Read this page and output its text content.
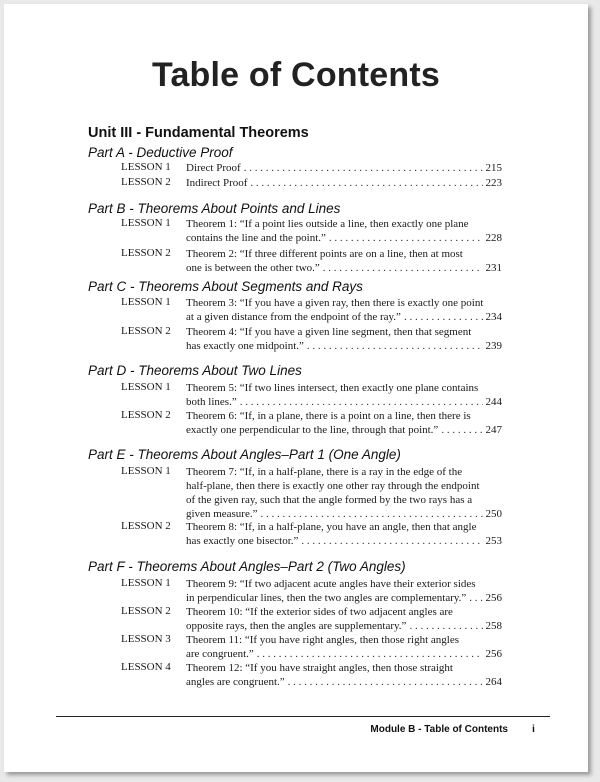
Table of Contents
Unit III - Fundamental Theorems
Part A - Deductive Proof
LESSON 1	Direct Proof . . .	215
LESSON 2	Indirect Proof . . .	223
Part B - Theorems About Points and Lines
LESSON 1	Theorem 1: “If a point lies outside a line, then exactly one plane
contains the line and the point.” . . .	228
LESSON 2	Theorem 2: “If three different points are on a line, then at most
one is between the other two.” . . .	231
Part C - Theorems About Segments and Rays
LESSON 1	Theorem 3: “If you have a given ray, then there is exactly one point
at a given distance from the endpoint of the ray.” . . .	234
LESSON 2	Theorem 4: “If you have a given line segment, then that segment
has exactly one midpoint.” . . .	239
Part D - Theorems About Two Lines
LESSON 1	Theorem 5: “If two lines intersect, then exactly one plane contains
both lines.” . . .	244
LESSON 2	Theorem 6: “If, in a plane, there is a point on a line, then there is
exactly one perpendicular to the line, through that point.” . . .	247
Part E - Theorems About Angles–Part 1 (One Angle)
LESSON 1	Theorem 7: “If, in a half-plane, there is a ray in the edge of the
half-plane, then there is exactly one other ray through the endpoint
of the given ray, such that the angle formed by the two rays has a
given measure.” . . .	250
LESSON 2	Theorem 8: “If, in a half-plane, you have an angle, then that angle
has exactly one bisector.” . . .	253
Part F - Theorems About Angles–Part 2 (Two Angles)
LESSON 1	Theorem 9: “If two adjacent acute angles have their exterior sides
in perpendicular lines, then the two angles are complementary.” . . . 256
LESSON 2	Theorem 10: “If the exterior sides of two adjacent angles are
opposite rays, then the angles are supplementary.” . . .	258
LESSON 3	Theorem 11: “If you have right angles, then those right angles
are congruent.” . . .	256
LESSON 4	Theorem 12: “If you have straight angles, then those straight
angles are congruent.” . . .	264
Module B - Table of Contents i
